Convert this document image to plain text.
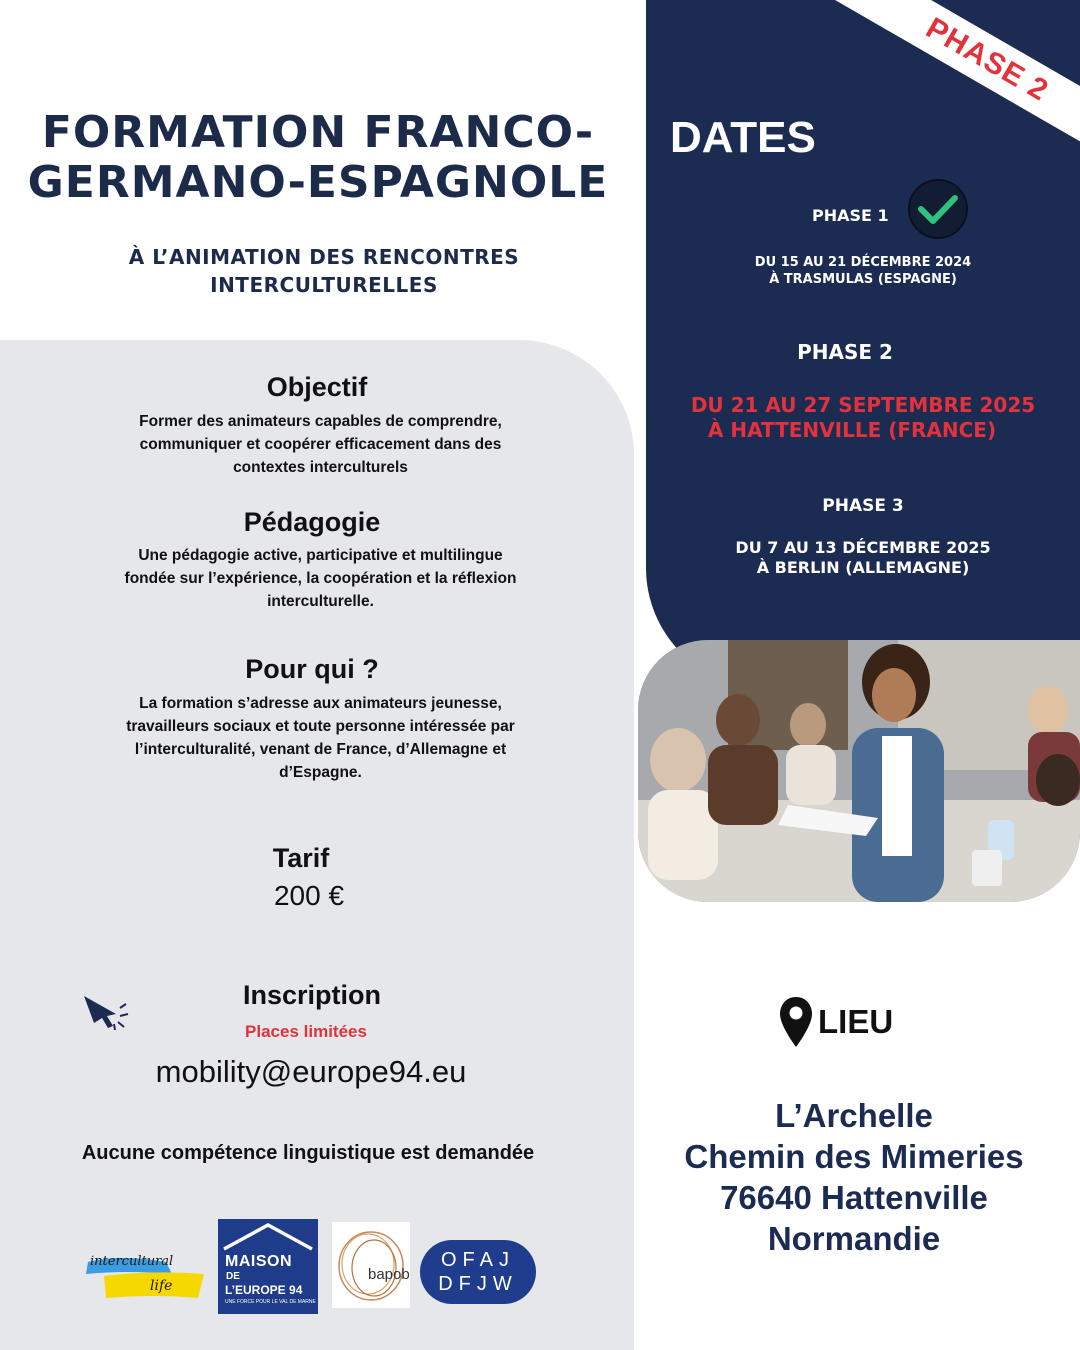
FORMATION FRANCO-
GERMANO-ESPAGNOLE

À L’ANIMATION DES RENCONTRES
INTERCULTURELLES

Objectif

Former des animateurs capables de comprendre,
communiquer et coopérer efficacement dans des
contextes interculturels

Pédagogie

Une pédagogie active, participative et multilingue
fondée sur l’expérience, la coopération et la réflexion
interculturelle.

Pour qui ?

La formation s’adresse aux animateurs jeunesse,
travailleurs sociaux et toute personne intéressée par
l’interculturalité, venant de France, d’Allemagne et
d’Espagne.

Tarif
200 €
Inscription
Places limitées
mobility@europe94.eu
Aucune compétence linguistique est demandée
intercultural
life
MAISON
DE
L’EUROPE 94
UNE FORCE POUR LE VAL DE MARNE
bapob
OFAJ
DFJW
PHASE 2
DATES
PHASE 1
DU 15 AU 21 DÉCEMBRE 2024
À TRASMULAS (ESPAGNE)
PHASE 2
DU 21 AU 27 SEPTEMBRE 2025
À HATTENVILLE (FRANCE)
PHASE 3
DU 7 AU 13 DÉCEMBRE 2025
À BERLIN (ALLEMAGNE)
LIEU

L’Archelle
Chemin des Mimeries
76640 Hattenville
Normandie
